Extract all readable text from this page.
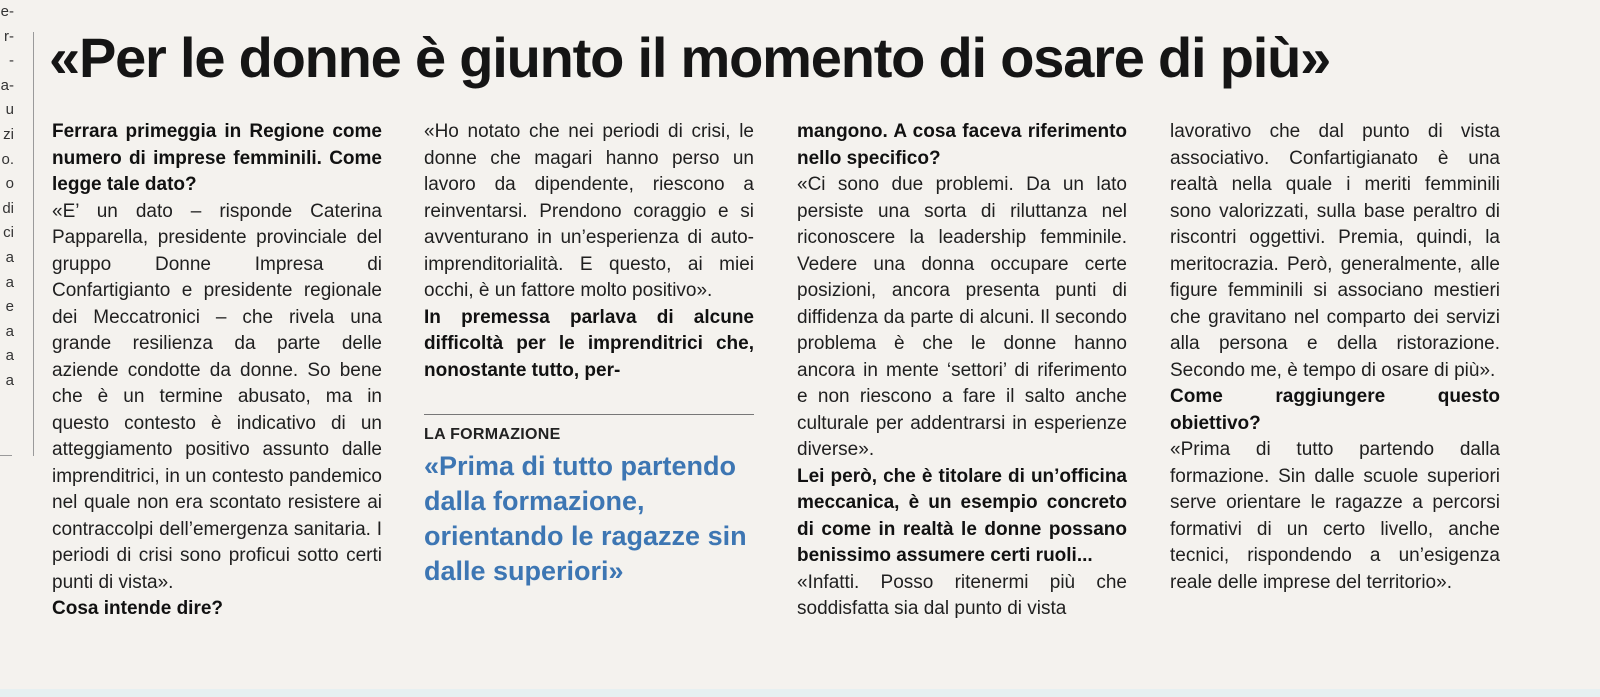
e-
r-
-
a-
u
zi
o.
o
di
ci
a
a
e
a
a
a
«Per le donne è giunto il momento di osare di più»

Ferrara primeggia in Regione come numero di imprese femminili. Come legge tale dato?

«E’ un dato – risponde Caterina Papparella, presidente provinciale del gruppo Donne Impresa di Confartigianto e presidente regionale dei Meccatronici – che rivela una grande resilienza da parte delle aziende condotte da donne. So bene che è un termine abusato, ma in questo contesto è indicativo di un atteggiamento positivo assunto dalle imprenditrici, in un contesto pandemico nel quale non era scontato resistere ai contraccolpi dell’emergenza sanitaria. I periodi di crisi sono proficui sotto certi punti di vista».

Cosa intende dire?

«Ho notato che nei periodi di crisi, le donne che magari hanno perso un lavoro da dipendente, riescono a reinventarsi. Prendono coraggio e si avventurano in un’esperienza di auto-imprenditorialità. E questo, ai miei occhi, è un fattore molto positivo».

In premessa parlava di alcune difficoltà per le imprenditrici che, nonostante tutto, per-

LA FORMAZIONE
«Prima di tutto partendo dalla formazione, orientando le ragazze sin dalle superiori»

mangono. A cosa faceva riferimento nello specifico?

«Ci sono due problemi. Da un lato persiste una sorta di riluttanza nel riconoscere la leadership femminile. Vedere una donna occupare certe posizioni, ancora presenta punti di diffidenza da parte di alcuni. Il secondo problema è che le donne hanno ancora in mente ‘settori’ di riferimento e non riescono a fare il salto anche culturale per addentrarsi in esperienze diverse».

Lei però, che è titolare di un’officina meccanica, è un esempio concreto di come in realtà le donne possano benissimo assumere certi ruoli...

«Infatti. Posso ritenermi più che soddisfatta sia dal punto di vista

lavorativo che dal punto di vista associativo. Confartigianato è una realtà nella quale i meriti femminili sono valorizzati, sulla base peraltro di riscontri oggettivi. Premia, quindi, la meritocrazia. Però, generalmente, alle figure femminili si associano mestieri che gravitano nel comparto dei servizi alla persona e della ristorazione. Secondo me, è tempo di osare di più».

Come raggiungere questo obiettivo?

«Prima di tutto partendo dalla formazione. Sin dalle scuole superiori serve orientare le ragazze a percorsi formativi di un certo livello, anche tecnici, rispondendo a un’esigenza reale delle imprese del territorio».
